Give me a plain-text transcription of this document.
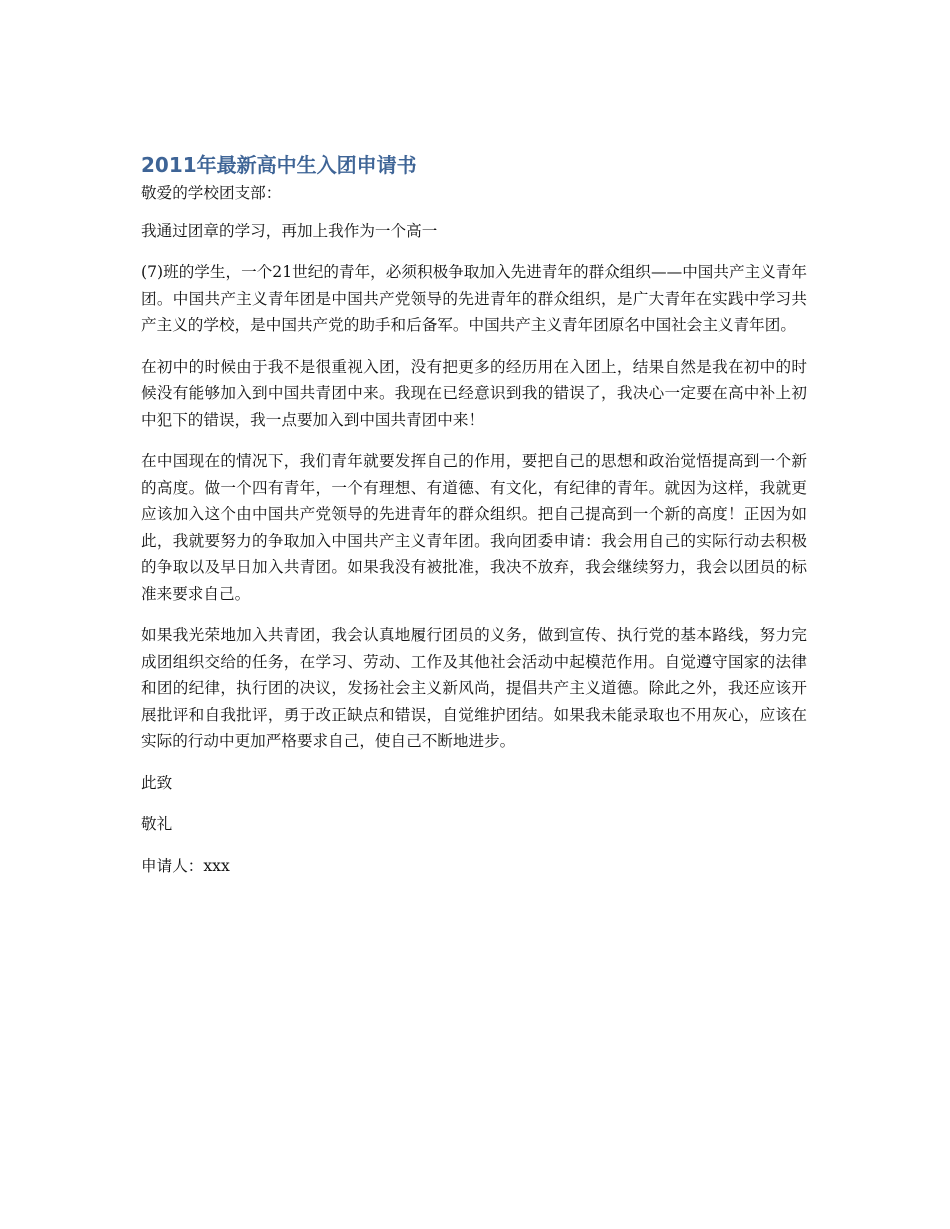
2011年最新高中生入团申请书

敬爱的学校团支部：

我通过团章的学习，再加上我作为一个高一

(7)班的学生，一个21世纪的青年，必须积极争取加入先进青年的群众组织——中国共产主义青年团。中国共产主义青年团是中国共产党领导的先进青年的群众组织，是广大青年在实践中学习共产主义的学校，是中国共产党的助手和后备军。中国共产主义青年团原名中国社会主义青年团。

在初中的时候由于我不是很重视入团，没有把更多的经历用在入团上，结果自然是我在初中的时候没有能够加入到中国共青团中来。我现在已经意识到我的错误了，我决心一定要在高中补上初中犯下的错误，我一点要加入到中国共青团中来！

在中国现在的情况下，我们青年就要发挥自己的作用，要把自己的思想和政治觉悟提高到一个新的高度。做一个四有青年，一个有理想、有道德、有文化，有纪律的青年。就因为这样，我就更应该加入这个由中国共产党领导的先进青年的群众组织。把自己提高到一个新的高度！正因为如此，我就要努力的争取加入中国共产主义青年团。我向团委申请：我会用自己的实际行动去积极的争取以及早日加入共青团。如果我没有被批准，我决不放弃，我会继续努力，我会以团员的标准来要求自己。

如果我光荣地加入共青团，我会认真地履行团员的义务，做到宣传、执行党的基本路线，努力完成团组织交给的任务，在学习、劳动、工作及其他社会活动中起模范作用。自觉遵守国家的法律和团的纪律，执行团的决议，发扬社会主义新风尚，提倡共产主义道德。除此之外，我还应该开展批评和自我批评，勇于改正缺点和错误，自觉维护团结。如果我未能录取也不用灰心，应该在实际的行动中更加严格要求自己，使自己不断地进步。

此致

敬礼

申请人：xxx
